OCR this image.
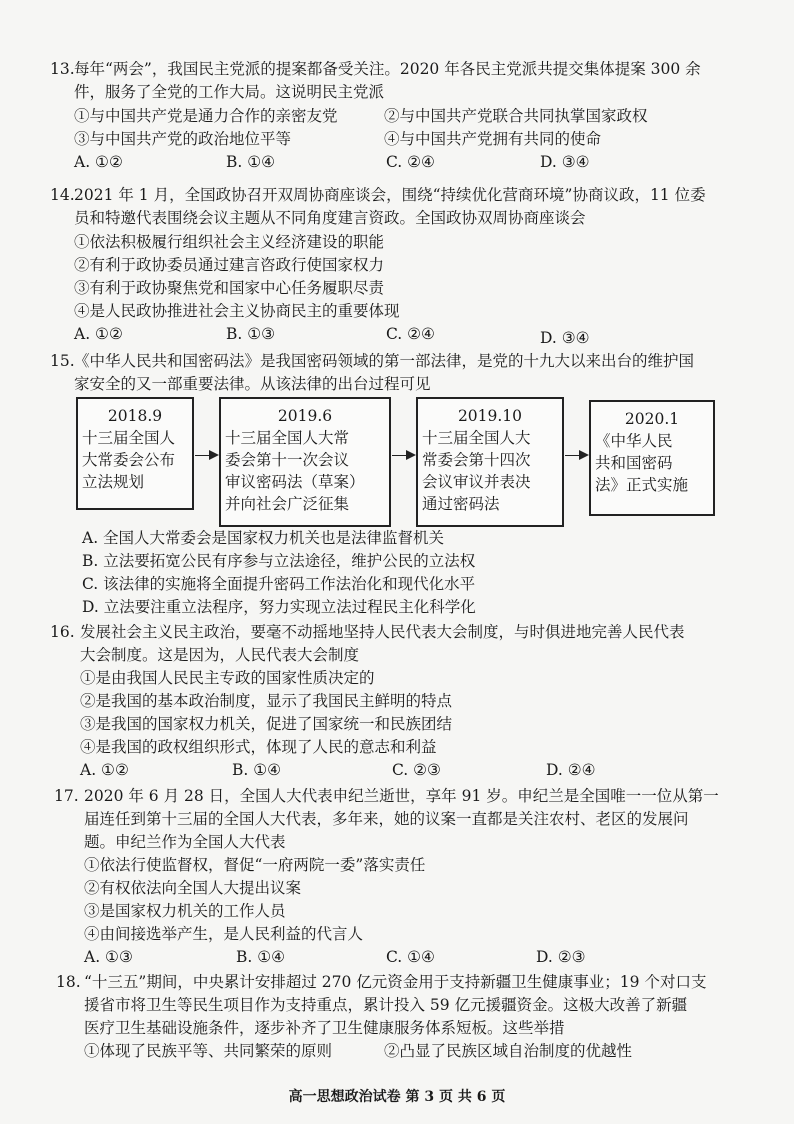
13. 每年“两会”，我国民主党派的提案都备受关注。2020 年各民主党派共提交集体提案 300 余
件，服务了全党的工作大局。这说明民主党派
①与中国共产党是通力合作的亲密友党	②与中国共产党联合共同执掌国家政权
③与中国共产党的政治地位平等	④与中国共产党拥有共同的使命
A. ①②	B. ①④	C. ②④	D. ③④
14. 2021 年 1 月，全国政协召开双周协商座谈会，围绕“持续优化营商环境”协商议政，11 位委
员和特邀代表围绕会议主题从不同角度建言资政。全国政协双周协商座谈会
①依法积极履行组织社会主义经济建设的职能
②有利于政协委员通过建言咨政行使国家权力
③有利于政协聚焦党和国家中心任务履职尽责
④是人民政协推进社会主义协商民主的重要体现
A. ①②	B. ①③	C. ②④	D. ③④
15. 《中华人民共和国密码法》是我国密码领域的第一部法律，是党的十九大以来出台的维护国
家安全的又一部重要法律。从该法律的出台过程可见
2018.9
十三届全国人
大常委会公布
立法规划
2019.6
十三届全国人大常
委会第十一次会议
审议密码法（草案）
并向社会广泛征集
2019.10
十三届全国人大
常委会第十四次
会议审议并表决
通过密码法
2020.1
《中华人民
共和国密码
法》正式实施
A. 全国人大常委会是国家权力机关也是法律监督机关
B. 立法要拓宽公民有序参与立法途径，维护公民的立法权
C. 该法律的实施将全面提升密码工作法治化和现代化水平
D. 立法要注重立法程序，努力实现立法过程民主化科学化
16. 发展社会主义民主政治，要毫不动摇地坚持人民代表大会制度，与时俱进地完善人民代表
大会制度。这是因为，人民代表大会制度
①是由我国人民民主专政的国家性质决定的
②是我国的基本政治制度，显示了我国民主鲜明的特点
③是我国的国家权力机关，促进了国家统一和民族团结
④是我国的政权组织形式，体现了人民的意志和利益
A. ①②	B. ①④	C. ②③	D. ②④
17. 2020 年 6 月 28 日，全国人大代表申纪兰逝世，享年 91 岁。申纪兰是全国唯一一位从第一
届连任到第十三届的全国人大代表，多年来，她的议案一直都是关注农村、老区的发展问
题。申纪兰作为全国人大代表
①依法行使监督权，督促“一府两院一委”落实责任
②有权依法向全国人大提出议案
③是国家权力机关的工作人员
④由间接选举产生，是人民利益的代言人
A. ①③	B. ①④	C. ①④	D. ②③
18. “十三五”期间，中央累计安排超过 270 亿元资金用于支持新疆卫生健康事业；19 个对口支
援省市将卫生等民生项目作为支持重点，累计投入 59 亿元援疆资金。这极大改善了新疆
医疗卫生基础设施条件，逐步补齐了卫生健康服务体系短板。这些举措
①体现了民族平等、共同繁荣的原则	②凸显了民族区域自治制度的优越性
高一思想政治试卷 第 3 页 共 6 页
